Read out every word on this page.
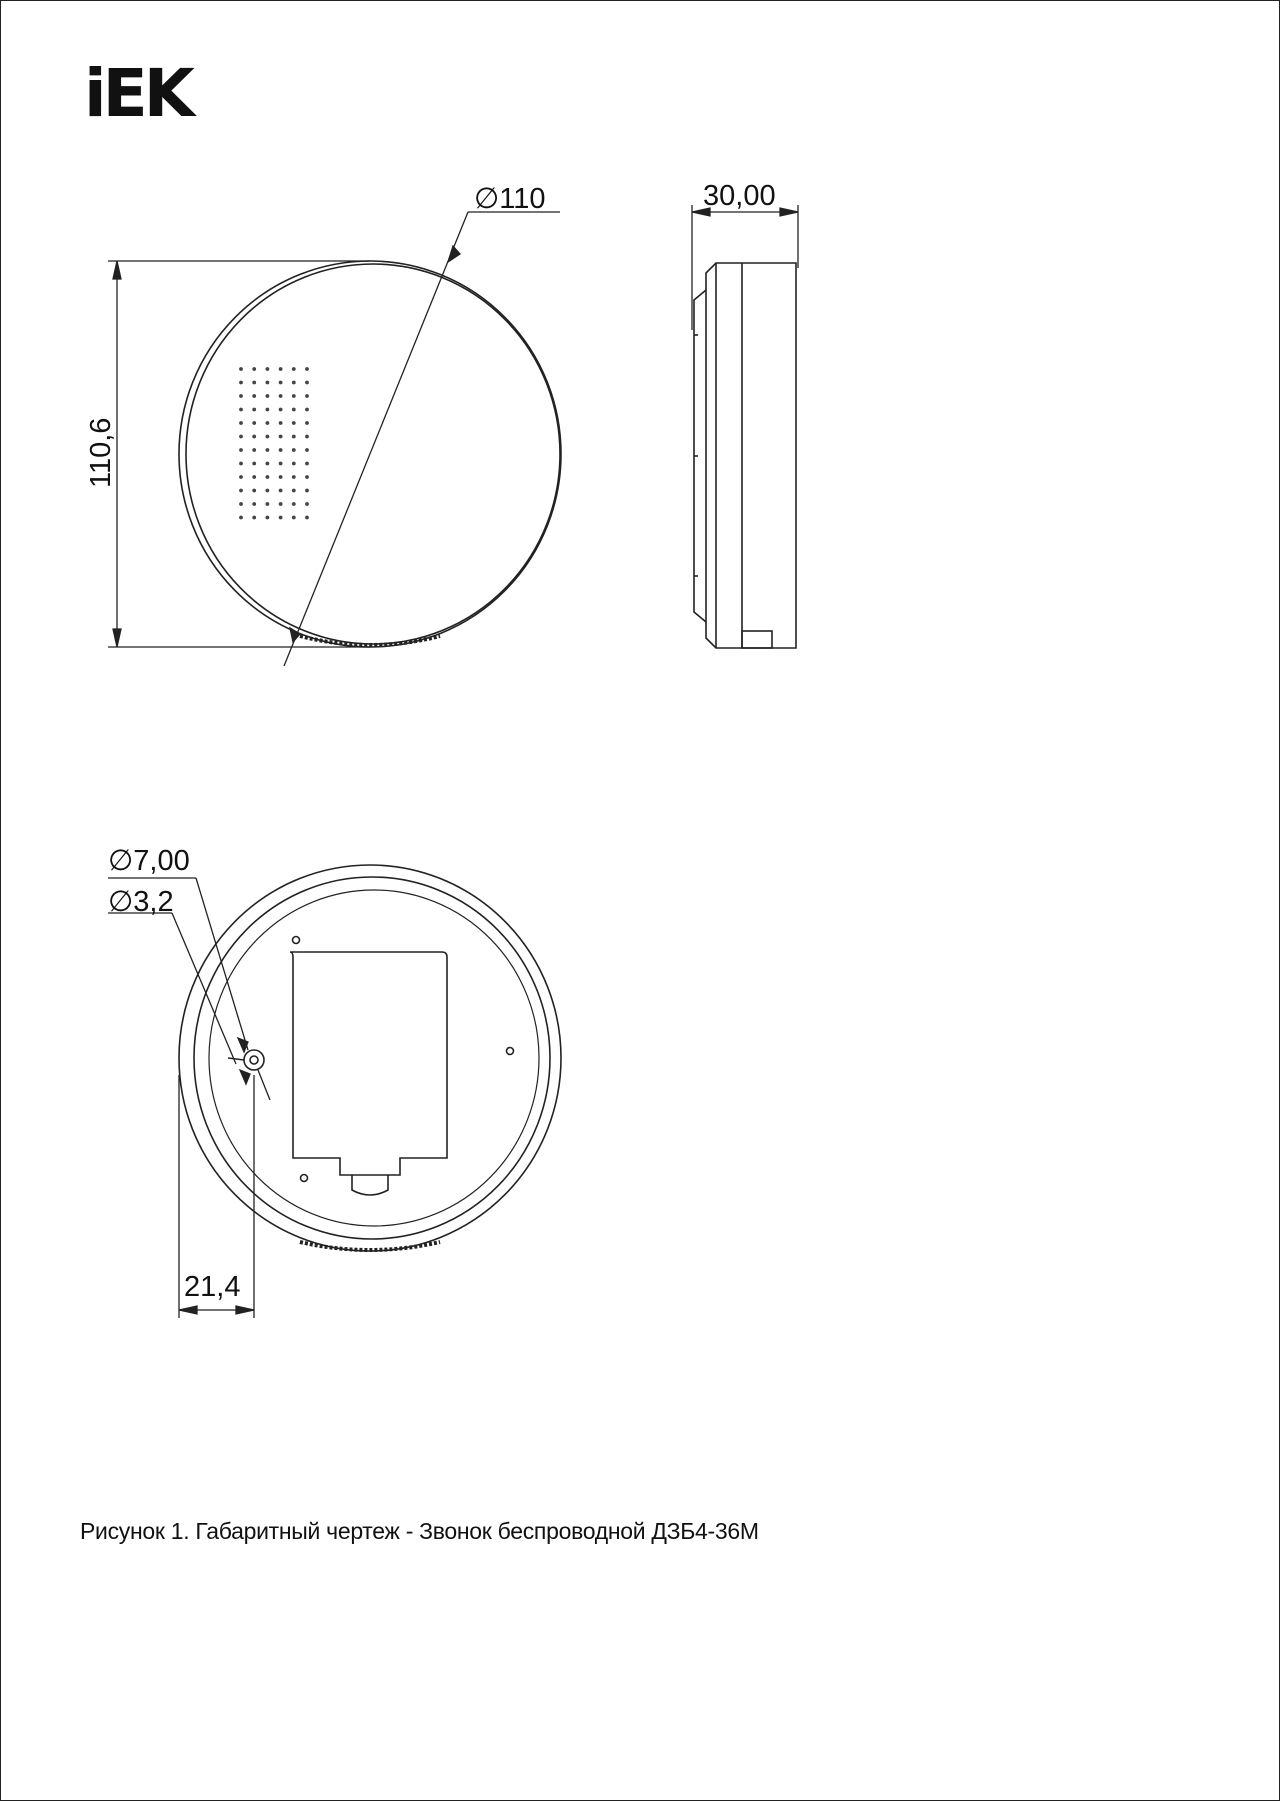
iEK
∅110
110,6
30,00
∅7,00
∅3,2
21,4
Рисунок 1. Габаритный чертеж - Звонок беспроводной ДЗБ4-36М
